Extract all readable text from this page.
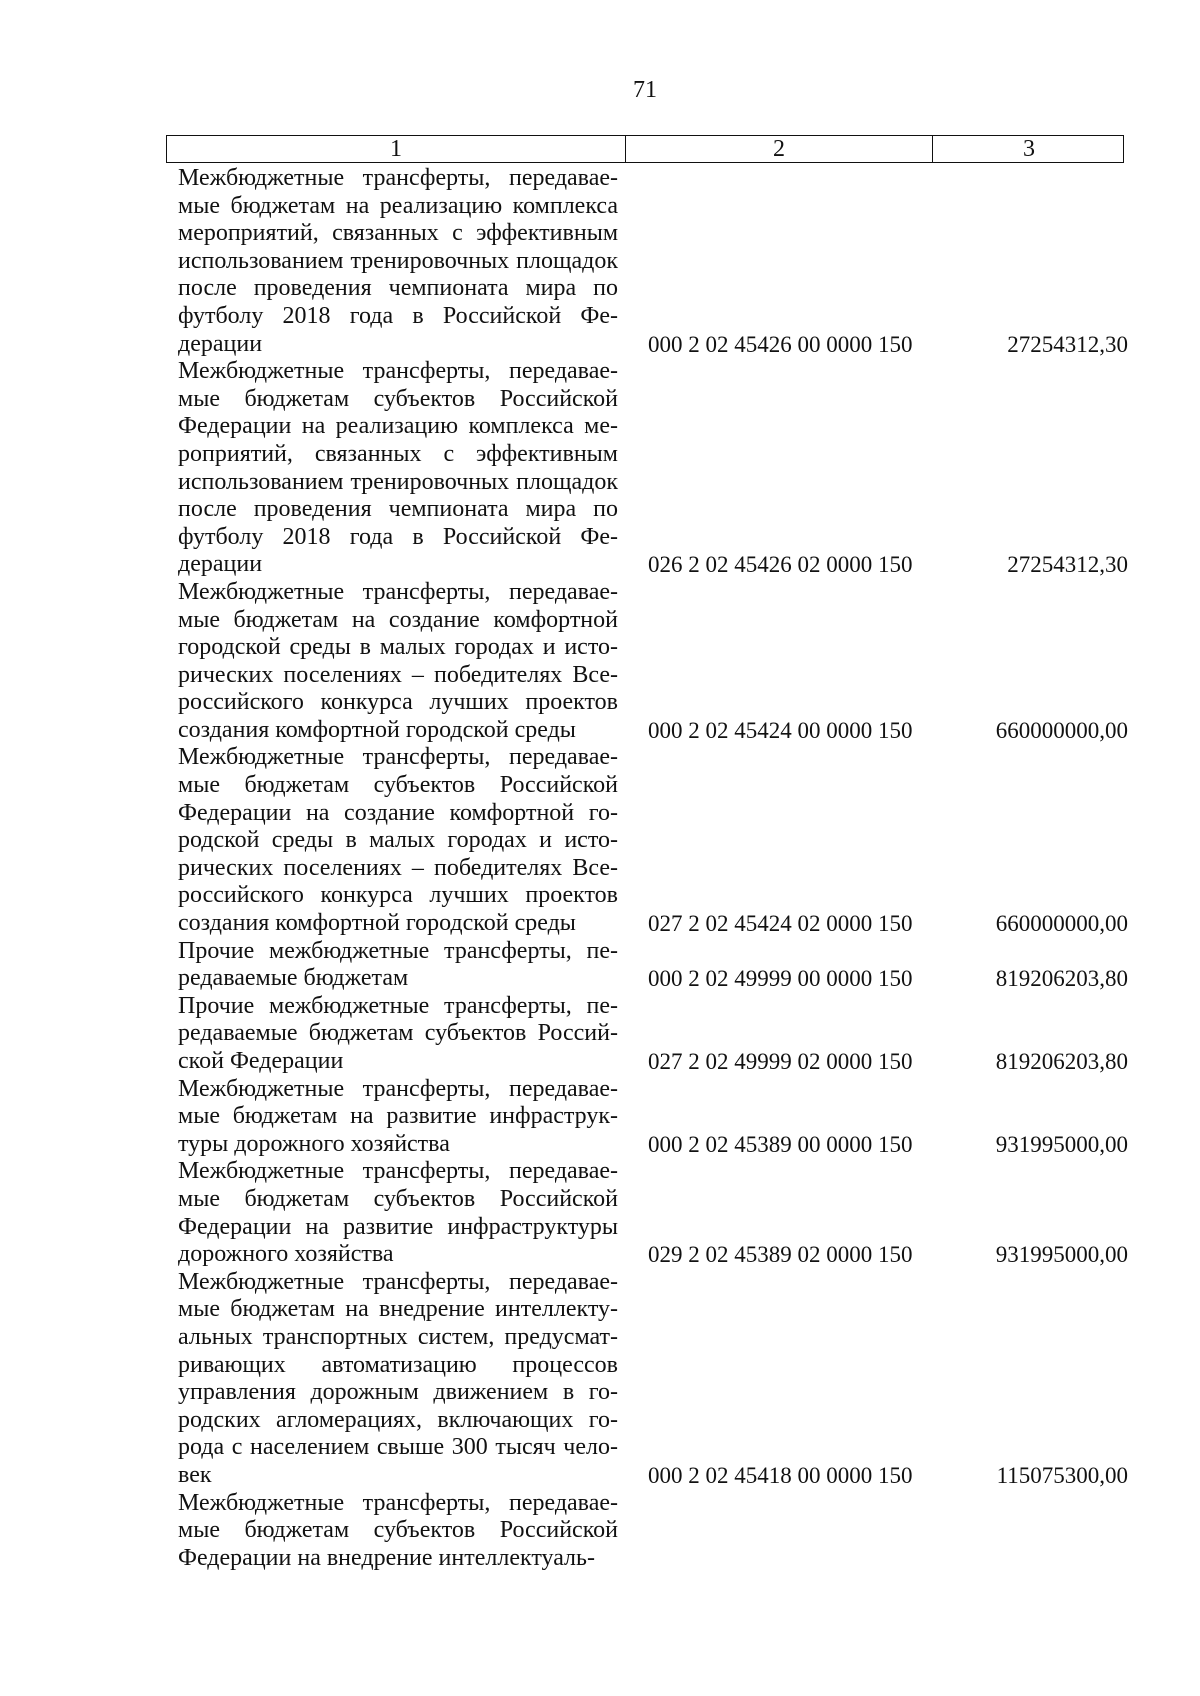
71
1	2	3
Межбюджетные трансферты, передаваемые бюджетам на реализацию комплекса мероприятий, связанных с эффективным использованием тренировочных площадок после проведения чемпионата мира по футболу 2018 года в Российской Федерации	000 2 02 45426 00 0000 150	27254312,30
Межбюджетные трансферты, передаваемые бюджетам субъектов Российской Федерации на реализацию комплекса мероприятий, связанных с эффективным использованием тренировочных площадок после проведения чемпионата мира по футболу 2018 года в Российской Федерации	026 2 02 45426 02 0000 150	27254312,30
Межбюджетные трансферты, передаваемые бюджетам на создание комфортной городской среды в малых городах и исторических поселениях – победителях Всероссийского конкурса лучших проектов создания комфортной городской среды	000 2 02 45424 00 0000 150	660000000,00
Межбюджетные трансферты, передаваемые бюджетам субъектов Российской Федерации на создание комфортной городской среды в малых городах и исторических поселениях – победителях Всероссийского конкурса лучших проектов создания комфортной городской среды	027 2 02 45424 02 0000 150	660000000,00
Прочие межбюджетные трансферты, передаваемые бюджетам	000 2 02 49999 00 0000 150	819206203,80
Прочие межбюджетные трансферты, передаваемые бюджетам субъектов Российской Федерации	027 2 02 49999 02 0000 150	819206203,80
Межбюджетные трансферты, передаваемые бюджетам на развитие инфраструктуры дорожного хозяйства	000 2 02 45389 00 0000 150	931995000,00
Межбюджетные трансферты, передаваемые бюджетам субъектов Российской Федерации на развитие инфраструктуры дорожного хозяйства	029 2 02 45389 02 0000 150	931995000,00
Межбюджетные трансферты, передаваемые бюджетам на внедрение интеллектуальных транспортных систем, предусматривающих автоматизацию процессов управления дорожным движением в городских агломерациях, включающих города с населением свыше 300 тысяч человек	000 2 02 45418 00 0000 150	115075300,00
Межбюджетные трансферты, передаваемые бюджетам субъектов Российской Федерации на внедрение интеллектуаль-
